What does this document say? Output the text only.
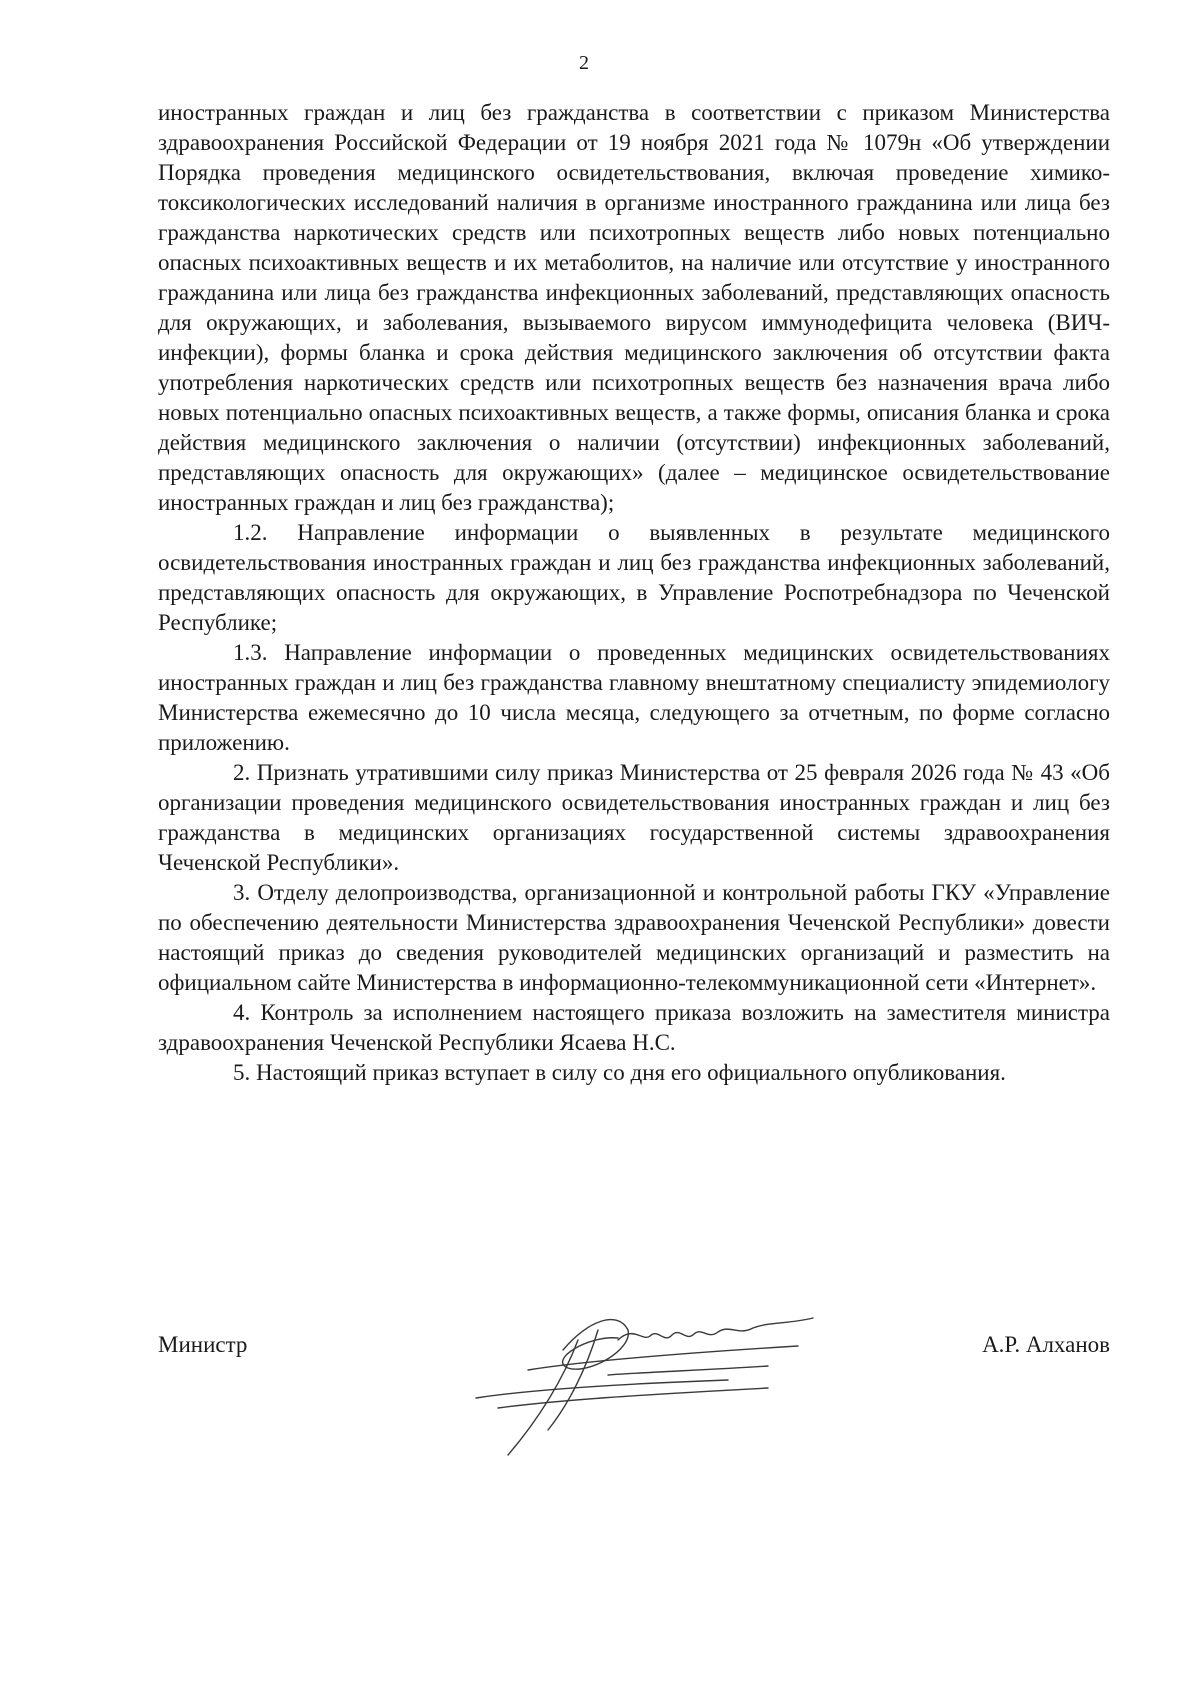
2

иностранных граждан и лиц без гражданства в соответствии с приказом Министерства здравоохранения Российской Федерации от 19 ноября 2021 года № 1079н «Об утверждении Порядка проведения медицинского освидетельствования, включая проведение химико-токсикологических исследований наличия в организме иностранного гражданина или лица без гражданства наркотических средств или психотропных веществ либо новых потенциально опасных психоактивных веществ и их метаболитов, на наличие или отсутствие у иностранного гражданина или лица без гражданства инфекционных заболеваний, представляющих опасность для окружающих, и заболевания, вызываемого вирусом иммунодефицита человека (ВИЧ-инфекции), формы бланка и срока действия медицинского заключения об отсутствии факта употребления наркотических средств или психотропных веществ без назначения врача либо новых потенциально опасных психоактивных веществ, а также формы, описания бланка и срока действия медицинского заключения о наличии (отсутствии) инфекционных заболеваний, представляющих опасность для окружающих» (далее – медицинское освидетельствование иностранных граждан и лиц без гражданства);

1.2. Направление информации о выявленных в результате медицинского освидетельствования иностранных граждан и лиц без гражданства инфекционных заболеваний, представляющих опасность для окружающих, в Управление Роспотребнадзора по Чеченской Республике;

1.3. Направление информации о проведенных медицинских освидетельствованиях иностранных граждан и лиц без гражданства главному внештатному специалисту эпидемиологу Министерства ежемесячно до 10 числа месяца, следующего за отчетным, по форме согласно приложению.

2. Признать утратившими силу приказ Министерства от 25 февраля 2026 года № 43 «Об организации проведения медицинского освидетельствования иностранных граждан и лиц без гражданства в медицинских организациях государственной системы здравоохранения Чеченской Республики».

3. Отделу делопроизводства, организационной и контрольной работы ГКУ «Управление по обеспечению деятельности Министерства здравоохранения Чеченской Республики» довести настоящий приказ до сведения руководителей медицинских организаций и разместить на официальном сайте Министерства в информационно-телекоммуникационной сети «Интернет».

4. Контроль за исполнением настоящего приказа возложить на заместителя министра здравоохранения Чеченской Республики Ясаева Н.С.

5. Настоящий приказ вступает в силу со дня его официального опубликования.

Министр	А.Р. Алханов
